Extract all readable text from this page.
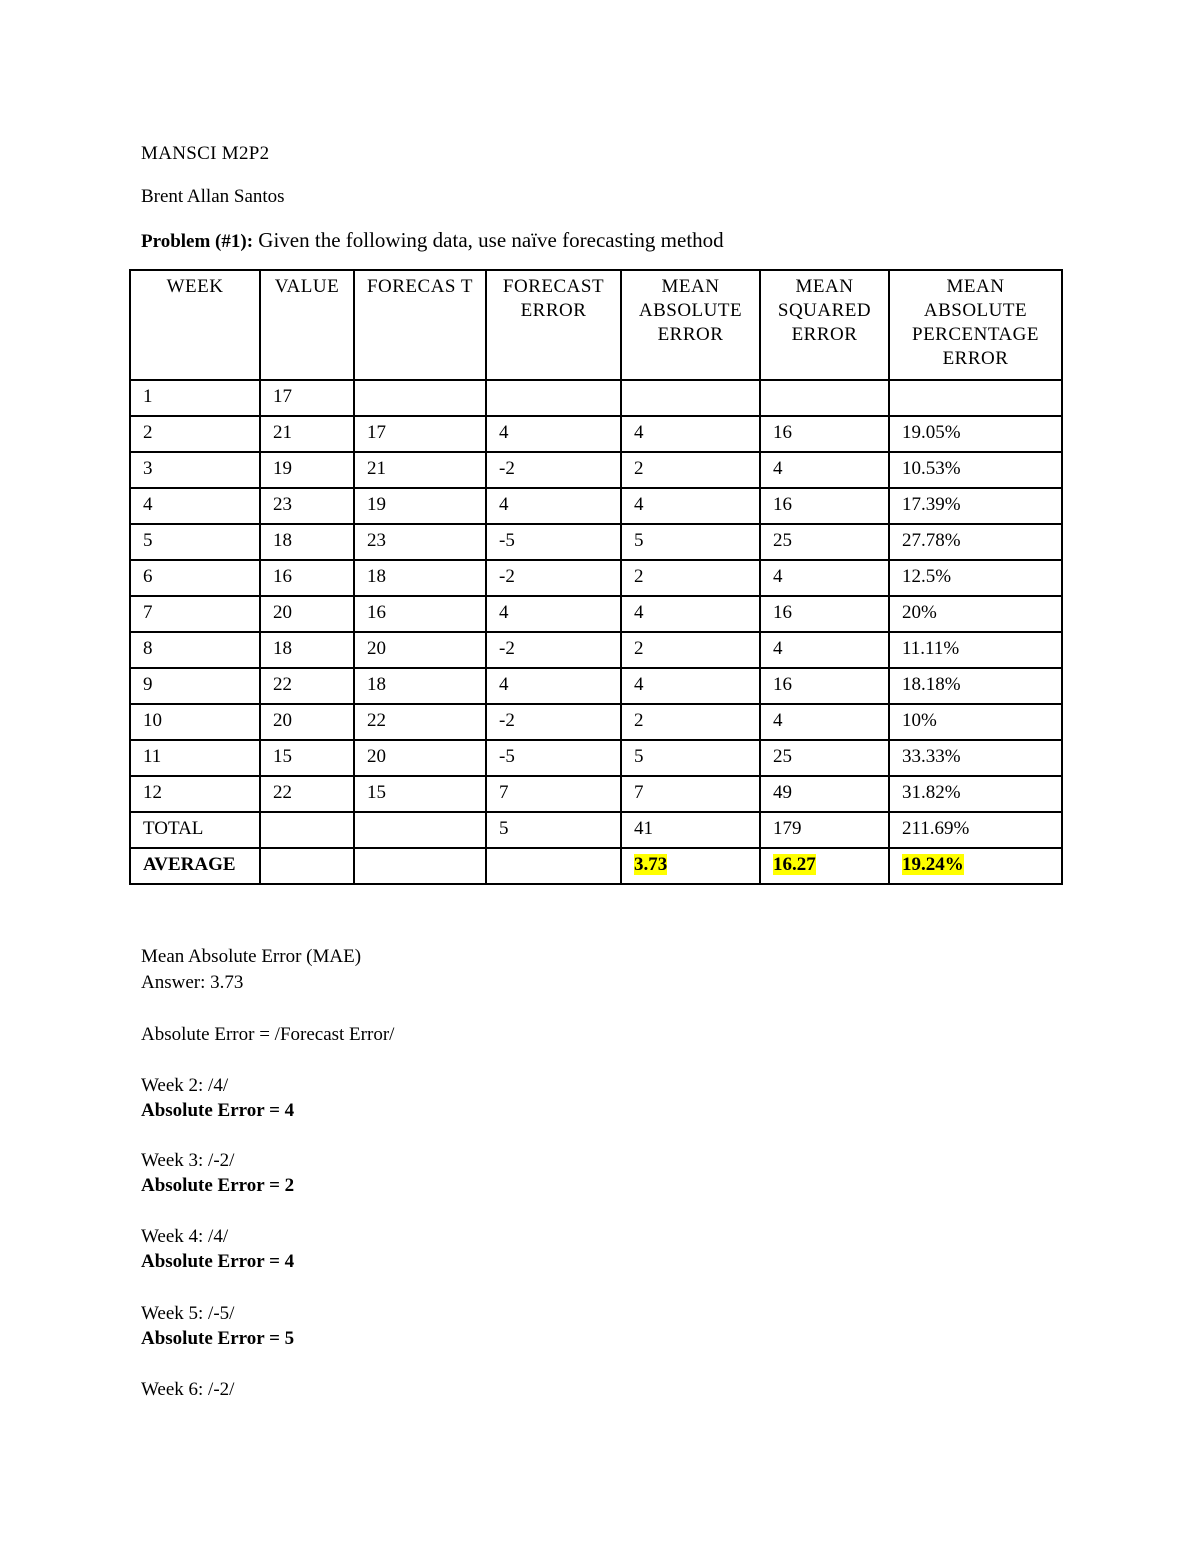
MANSCI M2P2
Brent Allan Santos
Problem (#1): Given the following data, use naïve forecasting method
WEEK	VALUE	FORECAS T	FORECAST ERROR	MEAN ABSOLUTE ERROR	MEAN SQUARED ERROR	MEAN ABSOLUTE PERCENTAGE ERROR
1	17					
2	21	17	4	4	16	19.05%
3	19	21	-2	2	4	10.53%
4	23	19	4	4	16	17.39%
5	18	23	-5	5	25	27.78%
6	16	18	-2	2	4	12.5%
7	20	16	4	4	16	20%
8	18	20	-2	2	4	11.11%
9	22	18	4	4	16	18.18%
10	20	22	-2	2	4	10%
11	15	20	-5	5	25	33.33%
12	22	15	7	7	49	31.82%
TOTAL			5	41	179	211.69%
AVERAGE				3.73	16.27	19.24%
Mean Absolute Error (MAE)
Answer: 3.73
Absolute Error = /Forecast Error/
Week 2: /4/
Absolute Error = 4
Week 3: /-2/
Absolute Error = 2
Week 4: /4/
Absolute Error = 4
Week 5: /-5/
Absolute Error = 5
Week 6: /-2/
